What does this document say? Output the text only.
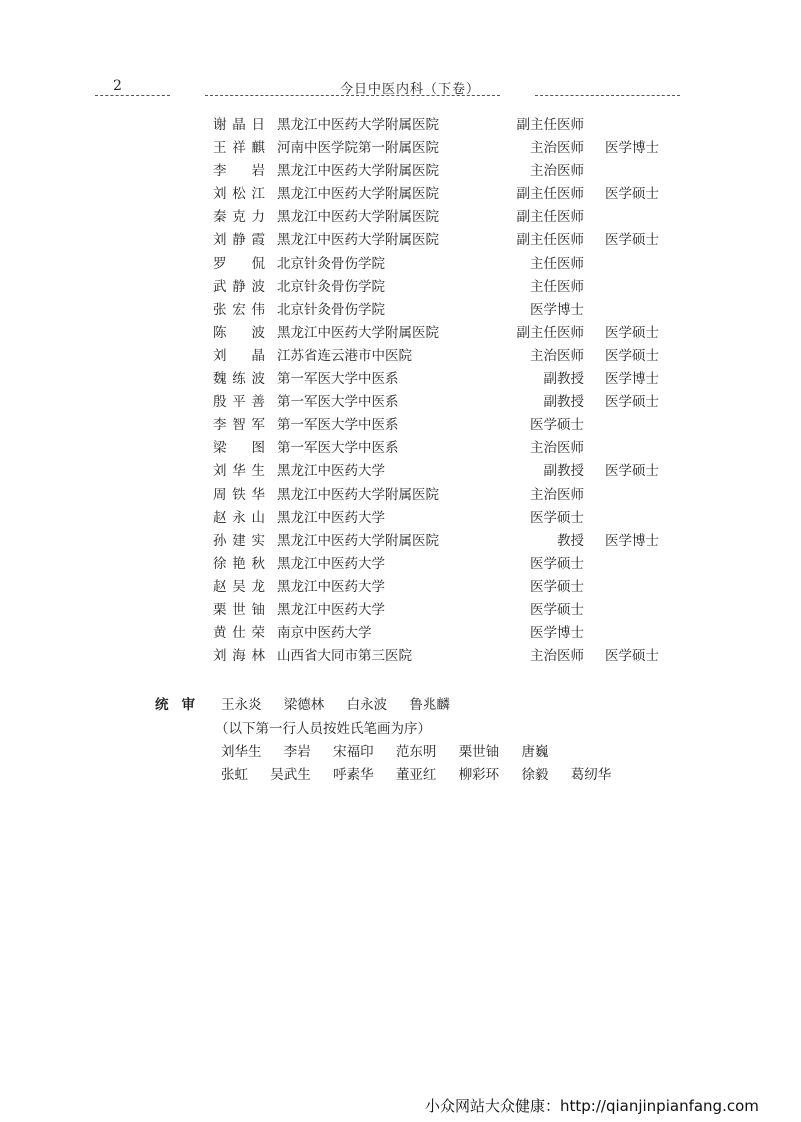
2	今日中医内科（下卷）
谢晶日 黑龙江中医药大学附属医院	副主任医师
王祥麒 河南中医学院第一附属医院	主治医师 医学博士
李岩 黑龙江中医药大学附属医院	主治医师
刘松江 黑龙江中医药大学附属医院	副主任医师 医学硕士
秦克力 黑龙江中医药大学附属医院	副主任医师
刘静霞 黑龙江中医药大学附属医院	副主任医师 医学硕士
罗侃 北京针灸骨伤学院	主任医师
武静波 北京针灸骨伤学院	主任医师
张宏伟 北京针灸骨伤学院	医学博士
陈波 黑龙江中医药大学附属医院	副主任医师 医学硕士
刘晶 江苏省连云港市中医院	主治医师 医学硕士
魏练波 第一军医大学中医系	副教授 医学博士
殷平善 第一军医大学中医系	副教授 医学硕士
李智军 第一军医大学中医系	医学硕士
梁图 第一军医大学中医系	主治医师
刘华生 黑龙江中医药大学	副教授 医学硕士
周铁华 黑龙江中医药大学附属医院	主治医师
赵永山 黑龙江中医药大学	医学硕士
孙建实 黑龙江中医药大学附属医院	教授 医学博士
徐艳秋 黑龙江中医药大学	医学硕士
赵吴龙 黑龙江中医药大学	医学硕士
栗世铀 黑龙江中医药大学	医学硕士
黄仕荣 南京中医药大学	医学博士
刘海林 山西省大同市第三医院	主治医师 医学硕士
统审 王永炎 梁德林 白永波 鲁兆麟
（以下第一行人员按姓氏笔画为序）
刘华生 李岩 宋福印 范东明 栗世铀 唐巍
张虹 吴武生 呼素华 董亚红 柳彩环 徐毅 葛纫华
小众网站大众健康：http://qianjinpianfang.com
